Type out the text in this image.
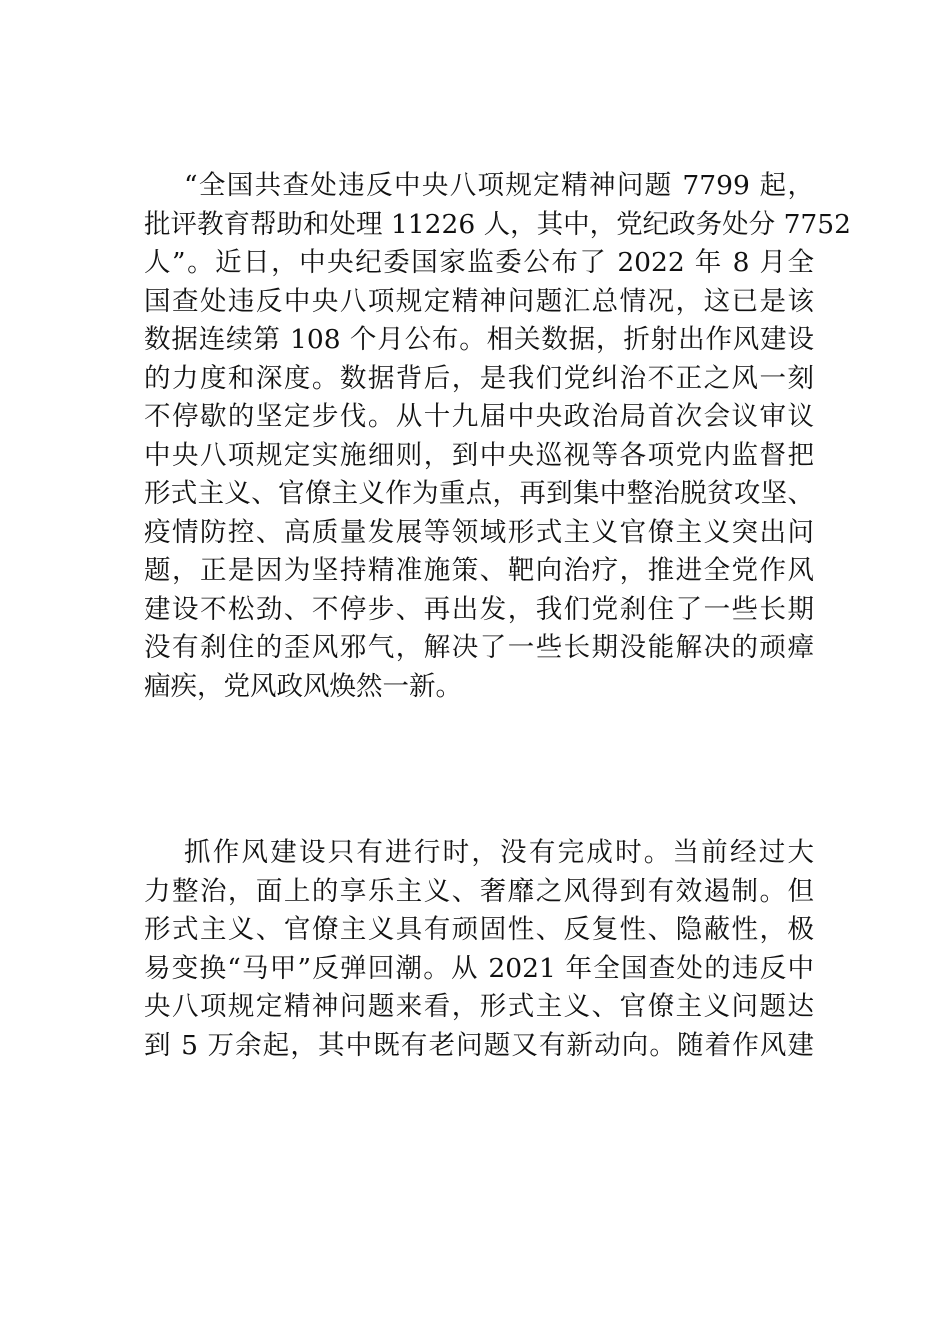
“全国共查处违反中央八项规定精神问题 7799 起，
批评教育帮助和处理 11226 人，其中，党纪政务处分 7752
人”。近日，中央纪委国家监委公布了 2022 年 8 月全
国查处违反中央八项规定精神问题汇总情况，这已是该
数据连续第 108 个月公布。相关数据，折射出作风建设
的力度和深度。数据背后，是我们党纠治不正之风一刻
不停歇的坚定步伐。从十九届中央政治局首次会议审议
中央八项规定实施细则，到中央巡视等各项党内监督把
形式主义、官僚主义作为重点，再到集中整治脱贫攻坚、
疫情防控、高质量发展等领域形式主义官僚主义突出问
题，正是因为坚持精准施策、靶向治疗，推进全党作风
建设不松劲、不停步、再出发，我们党刹住了一些长期
没有刹住的歪风邪气，解决了一些长期没能解决的顽瘴
痼疾，党风政风焕然一新。
抓作风建设只有进行时，没有完成时。当前经过大
力整治，面上的享乐主义、奢靡之风得到有效遏制。但
形式主义、官僚主义具有顽固性、反复性、隐蔽性，极
易变换“马甲”反弹回潮。从 2021 年全国查处的违反中
央八项规定精神问题来看，形式主义、官僚主义问题达
到 5 万余起，其中既有老问题又有新动向。随着作风建
